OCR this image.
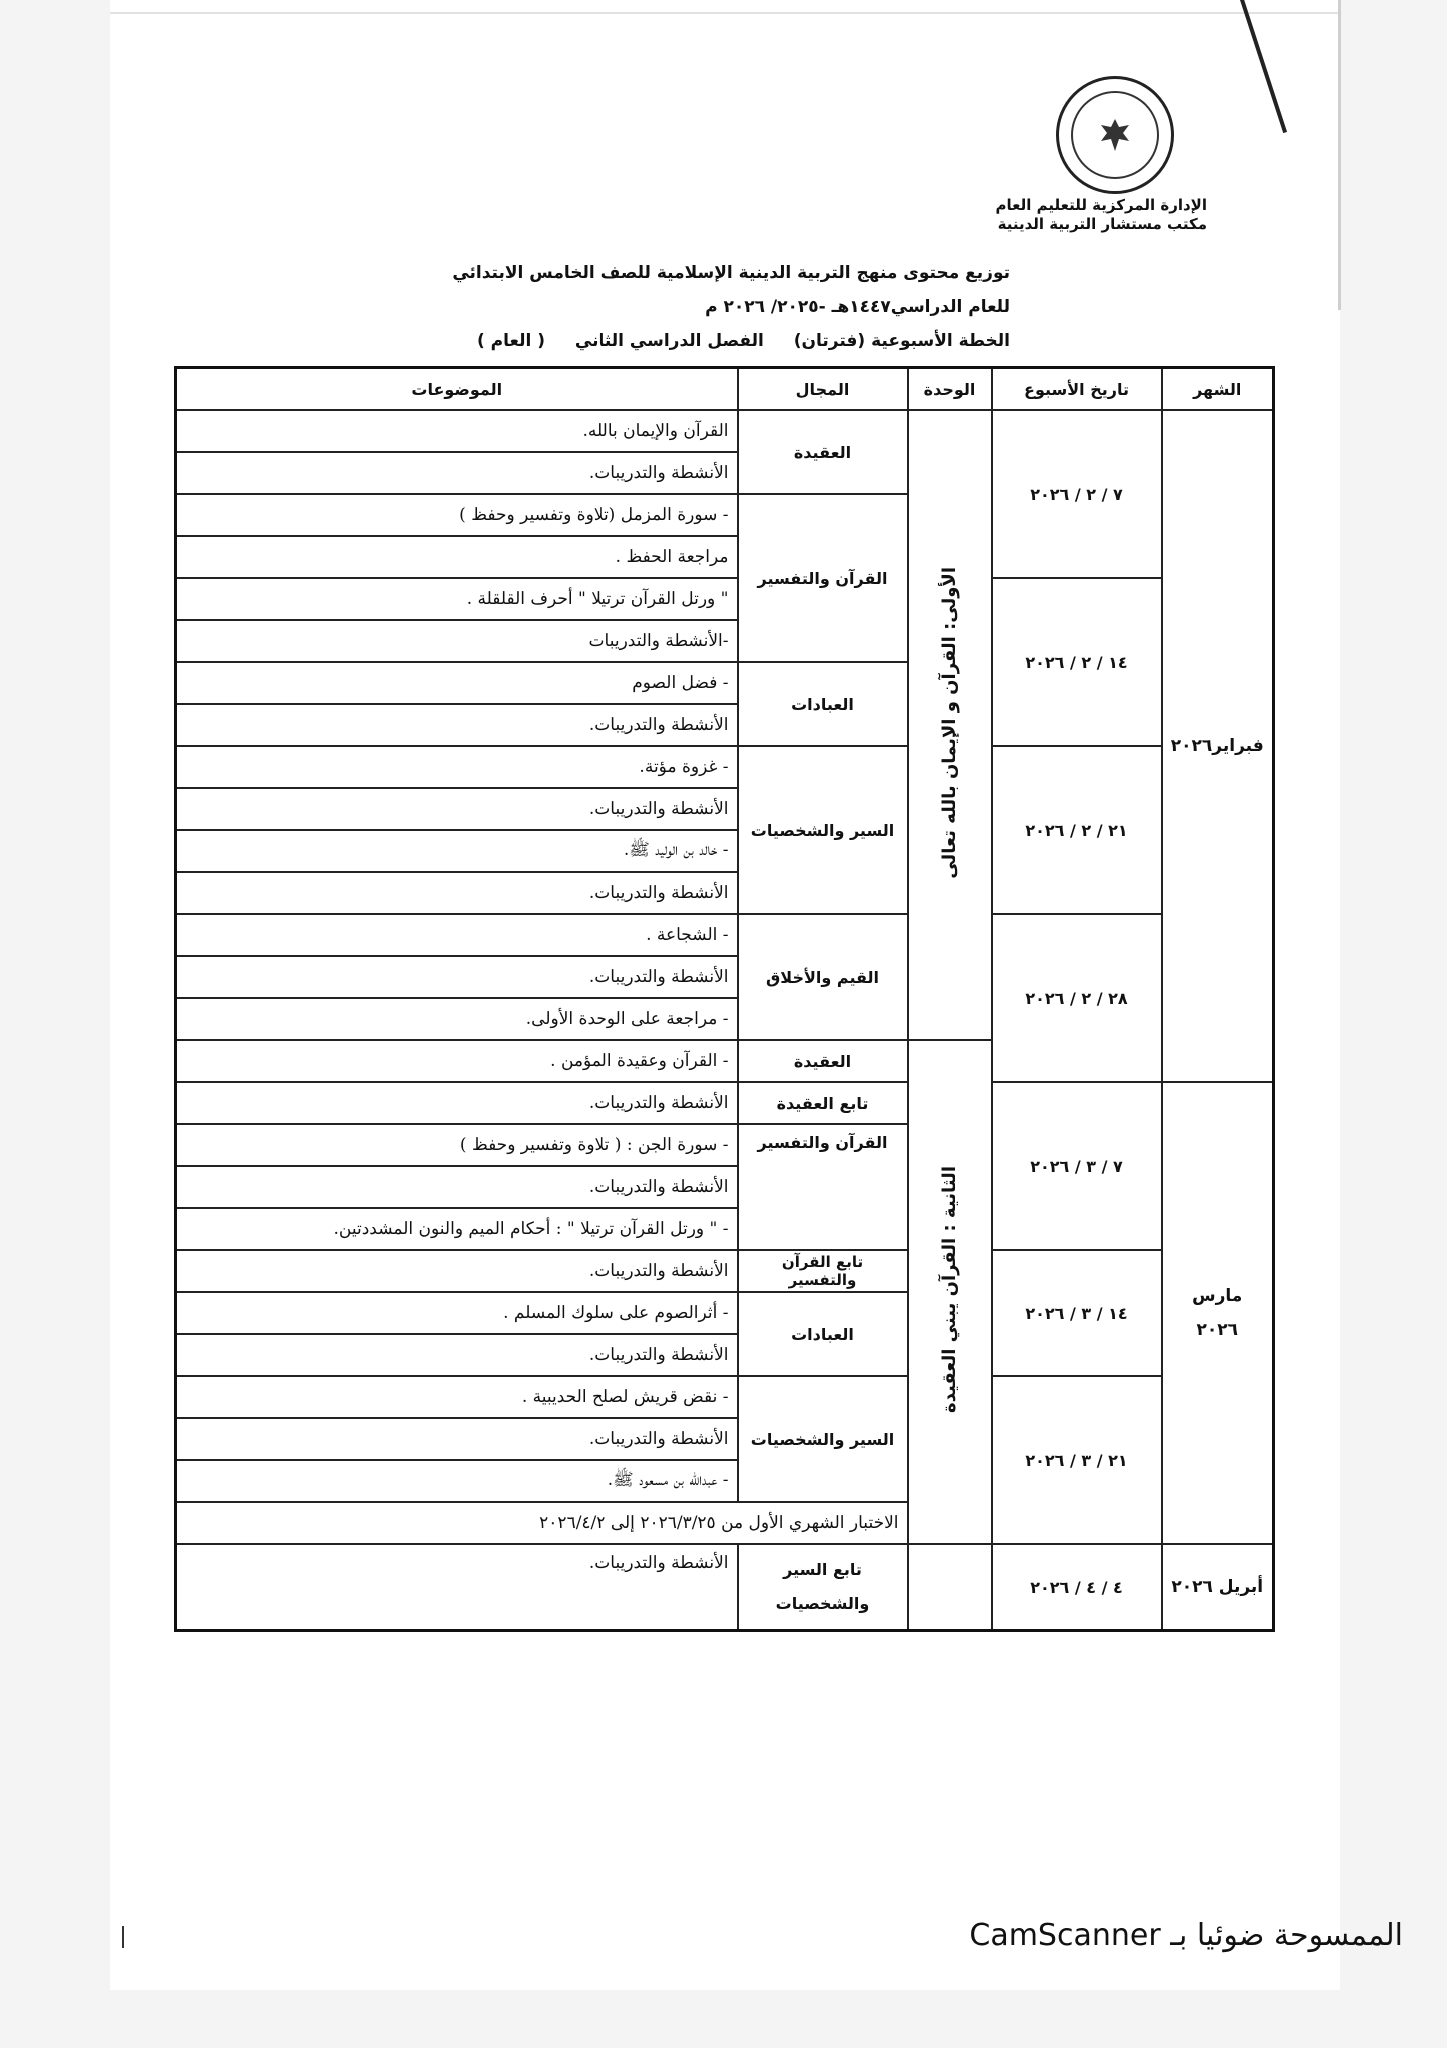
الإدارة المركزية للتعليم العام
مكتب مستشار التربية الدينية
توزيع محتوى منهج التربية الدينية الإسلامية للصف الخامس الابتدائي
للعام الدراسي١٤٤٧هـ -٢٠٢٥/ ٢٠٢٦ م
الخطة الأسبوعية (فترتان) الفصل الدراسي الثاني ( العام )
الشهر	تاريخ الأسبوع	الوحدة	المجال	الموضوعات
فبراير٢٠٢٦	٧ / ٢ / ٢٠٢٦	الأولى: القرآن و الإيمان بالله تعالى	العقيدة	القرآن والإيمان بالله.
				الأنشطة والتدريبات.
			القرآن والتفسير	- سورة المزمل (تلاوة وتفسير وحفظ )
				مراجعة الحفظ .
	١٤ / ٢ / ٢٠٢٦			" ورتل القرآن ترتيلا " أحرف القلقلة .
				-الأنشطة والتدريبات
			العبادات	- فضل الصوم
				الأنشطة والتدريبات.
	٢١ / ٢ / ٢٠٢٦		السير والشخصيات	- غزوة مؤتة.
				الأنشطة والتدريبات.
				- خالد بن الوليد ﷺ.
				الأنشطة والتدريبات.
	٢٨ / ٢ / ٢٠٢٦		القيم والأخلاق	- الشجاعة .
				الأنشطة والتدريبات.
				- مراجعة على الوحدة الأولى.
		الثانية : القرآن يبني العقيدة	العقيدة	- القرآن وعقيدة المؤمن .
مارس ٢٠٢٦	٧ / ٣ / ٢٠٢٦		تابع العقيدة	الأنشطة والتدريبات.
			القرآن والتفسير	- سورة الجن : ( تلاوة وتفسير وحفظ )
				الأنشطة والتدريبات.
				- " ورتل القرآن ترتيلا " : أحكام الميم والنون المشددتين.
	١٤ / ٣ / ٢٠٢٦		تابع القرآن والتفسير	الأنشطة والتدريبات.
			العبادات	- أثرالصوم على سلوك المسلم .
				الأنشطة والتدريبات.
	٢١ / ٣ / ٢٠٢٦		السير والشخصيات	- نقض قريش لصلح الحديبية .
				الأنشطة والتدريبات.
				- عبدالله بن مسعود ﷺ.
			الاختبار الشهري الأول من ٢٠٢٦/٣/٢٥ إلى ٢٠٢٦/٤/٢	
أبريل ٢٠٢٦	٤ / ٤ / ٢٠٢٦		تابع السير والشخصيات	الأنشطة والتدريبات.
الممسوحة ضوئيا بـ CamScanner
